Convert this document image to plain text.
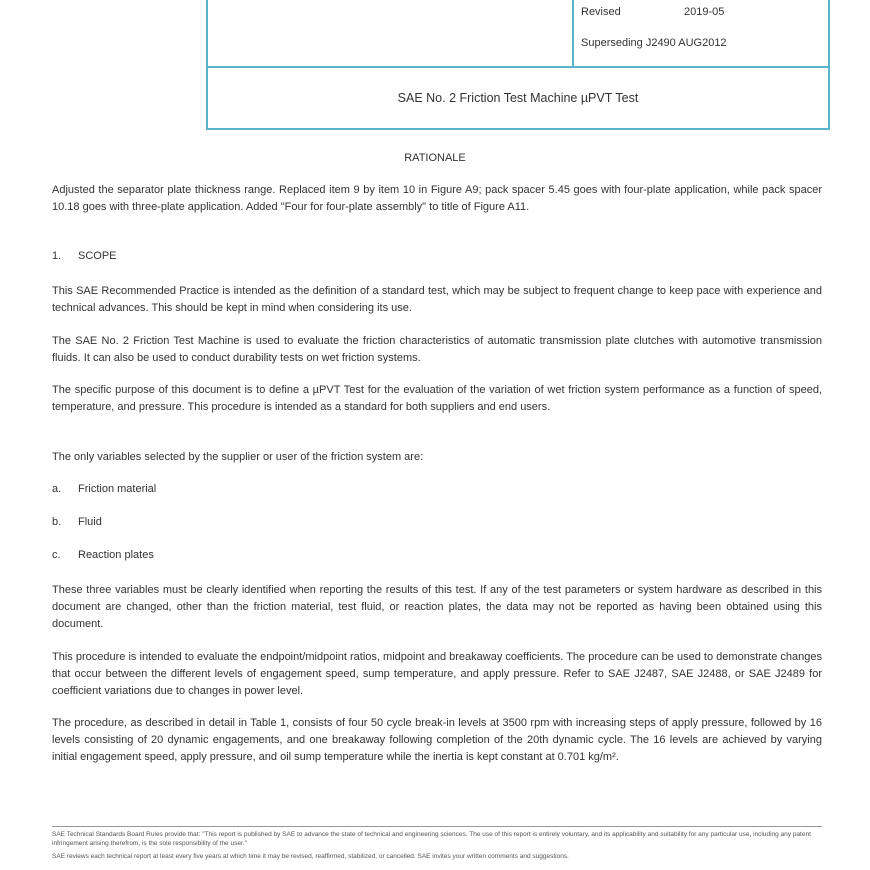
Revised	2019-05
Superseding J2490 AUG2012
SAE No. 2 Friction Test Machine µPVT Test
RATIONALE
Adjusted the separator plate thickness range. Replaced item 9 by item 10 in Figure A9; pack spacer 5.45 goes with four-plate application, while pack spacer 10.18 goes with three-plate application. Added "Four for four-plate assembly" to title of Figure A11.
1. SCOPE
This SAE Recommended Practice is intended as the definition of a standard test, which may be subject to frequent change to keep pace with experience and technical advances. This should be kept in mind when considering its use.
The SAE No. 2 Friction Test Machine is used to evaluate the friction characteristics of automatic transmission plate clutches with automotive transmission fluids. It can also be used to conduct durability tests on wet friction systems.
The specific purpose of this document is to define a µPVT Test for the evaluation of the variation of wet friction system performance as a function of speed, temperature, and pressure. This procedure is intended as a standard for both suppliers and end users.
The only variables selected by the supplier or user of the friction system are:
a. Friction material
b. Fluid
c. Reaction plates
These three variables must be clearly identified when reporting the results of this test. If any of the test parameters or system hardware as described in this document are changed, other than the friction material, test fluid, or reaction plates, the data may not be reported as having been obtained using this document.
This procedure is intended to evaluate the endpoint/midpoint ratios, midpoint and breakaway coefficients. The procedure can be used to demonstrate changes that occur between the different levels of engagement speed, sump temperature, and apply pressure. Refer to SAE J2487, SAE J2488, or SAE J2489 for coefficient variations due to changes in power level.
The procedure, as described in detail in Table 1, consists of four 50 cycle break-in levels at 3500 rpm with increasing steps of apply pressure, followed by 16 levels consisting of 20 dynamic engagements, and one breakaway following completion of the 20th dynamic cycle. The 16 levels are achieved by varying initial engagement speed, apply pressure, and oil sump temperature while the inertia is kept constant at 0.701 kg/m².
SAE Technical Standards Board Rules provide that: "This report is published by SAE to advance the state of technical and engineering sciences. The use of this report is entirely voluntary, and its applicability and suitability for any particular use, including any patent infringement arising therefrom, is the sole responsibility of the user."
SAE reviews each technical report at least every five years at which time it may be revised, reaffirmed, stabilized, or cancelled. SAE invites your written comments and suggestions.
